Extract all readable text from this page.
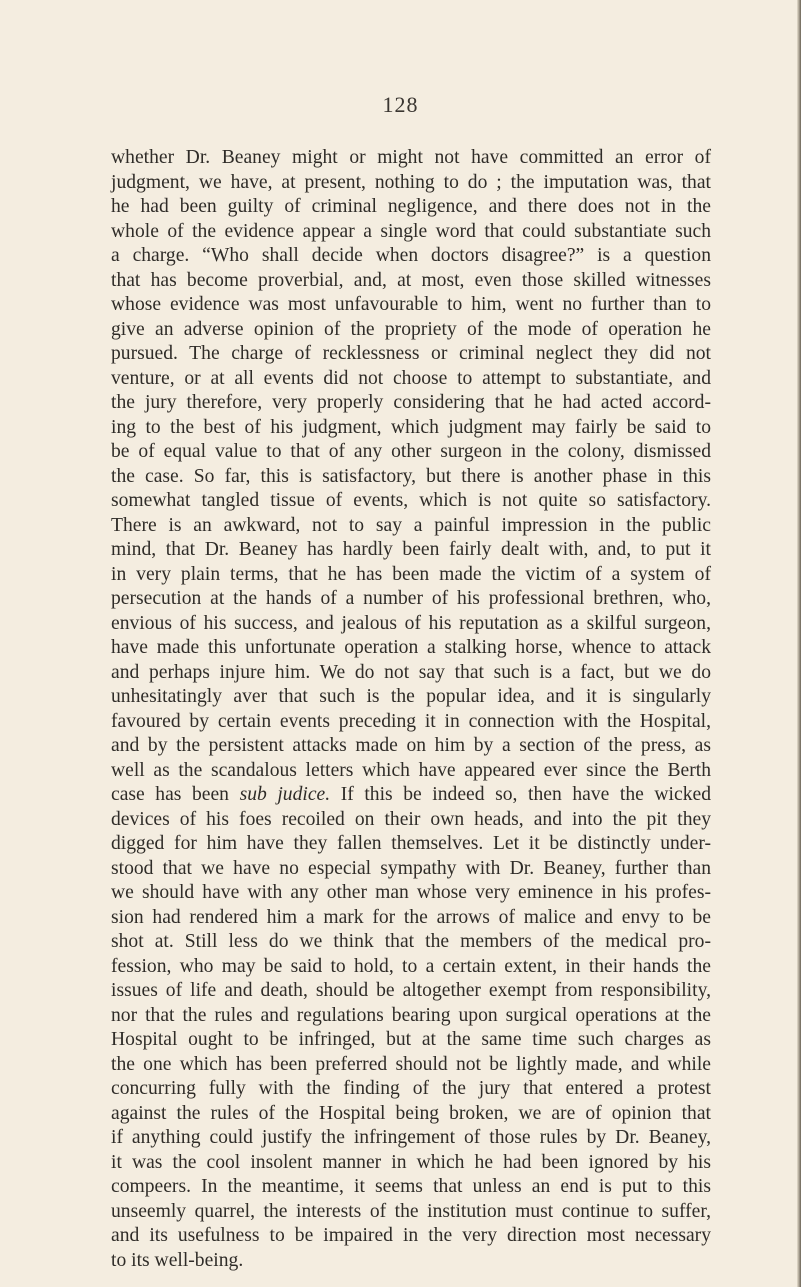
128
whether Dr. Beaney might or might not have committed an error of
judgment, we have, at present, nothing to do ; the imputation was, that
he had been guilty of criminal negligence, and there does not in the
whole of the evidence appear a single word that could substantiate such
a charge. “Who shall decide when doctors disagree?” is a question
that has become proverbial, and, at most, even those skilled witnesses
whose evidence was most unfavourable to him, went no further than to
give an adverse opinion of the propriety of the mode of operation he
pursued. The charge of recklessness or criminal neglect they did not
venture, or at all events did not choose to attempt to substantiate, and
the jury therefore, very properly considering that he had acted accord-
ing to the best of his judgment, which judgment may fairly be said to
be of equal value to that of any other surgeon in the colony, dismissed
the case. So far, this is satisfactory, but there is another phase in this
somewhat tangled tissue of events, which is not quite so satisfactory.
There is an awkward, not to say a painful impression in the public
mind, that Dr. Beaney has hardly been fairly dealt with, and, to put it
in very plain terms, that he has been made the victim of a system of
persecution at the hands of a number of his professional brethren, who,
envious of his success, and jealous of his reputation as a skilful surgeon,
have made this unfortunate operation a stalking horse, whence to attack
and perhaps injure him. We do not say that such is a fact, but we do
unhesitatingly aver that such is the popular idea, and it is singularly
favoured by certain events preceding it in connection with the Hospital,
and by the persistent attacks made on him by a section of the press, as
well as the scandalous letters which have appeared ever since the Berth
case has been sub judice. If this be indeed so, then have the wicked
devices of his foes recoiled on their own heads, and into the pit they
digged for him have they fallen themselves. Let it be distinctly under-
stood that we have no especial sympathy with Dr. Beaney, further than
we should have with any other man whose very eminence in his profes-
sion had rendered him a mark for the arrows of malice and envy to be
shot at. Still less do we think that the members of the medical pro-
fession, who may be said to hold, to a certain extent, in their hands the
issues of life and death, should be altogether exempt from responsibility,
nor that the rules and regulations bearing upon surgical operations at the
Hospital ought to be infringed, but at the same time such charges as
the one which has been preferred should not be lightly made, and while
concurring fully with the finding of the jury that entered a protest
against the rules of the Hospital being broken, we are of opinion that
if anything could justify the infringement of those rules by Dr. Beaney,
it was the cool insolent manner in which he had been ignored by his
compeers. In the meantime, it seems that unless an end is put to this
unseemly quarrel, the interests of the institution must continue to suffer,
and its usefulness to be impaired in the very direction most necessary
to its well-being.
